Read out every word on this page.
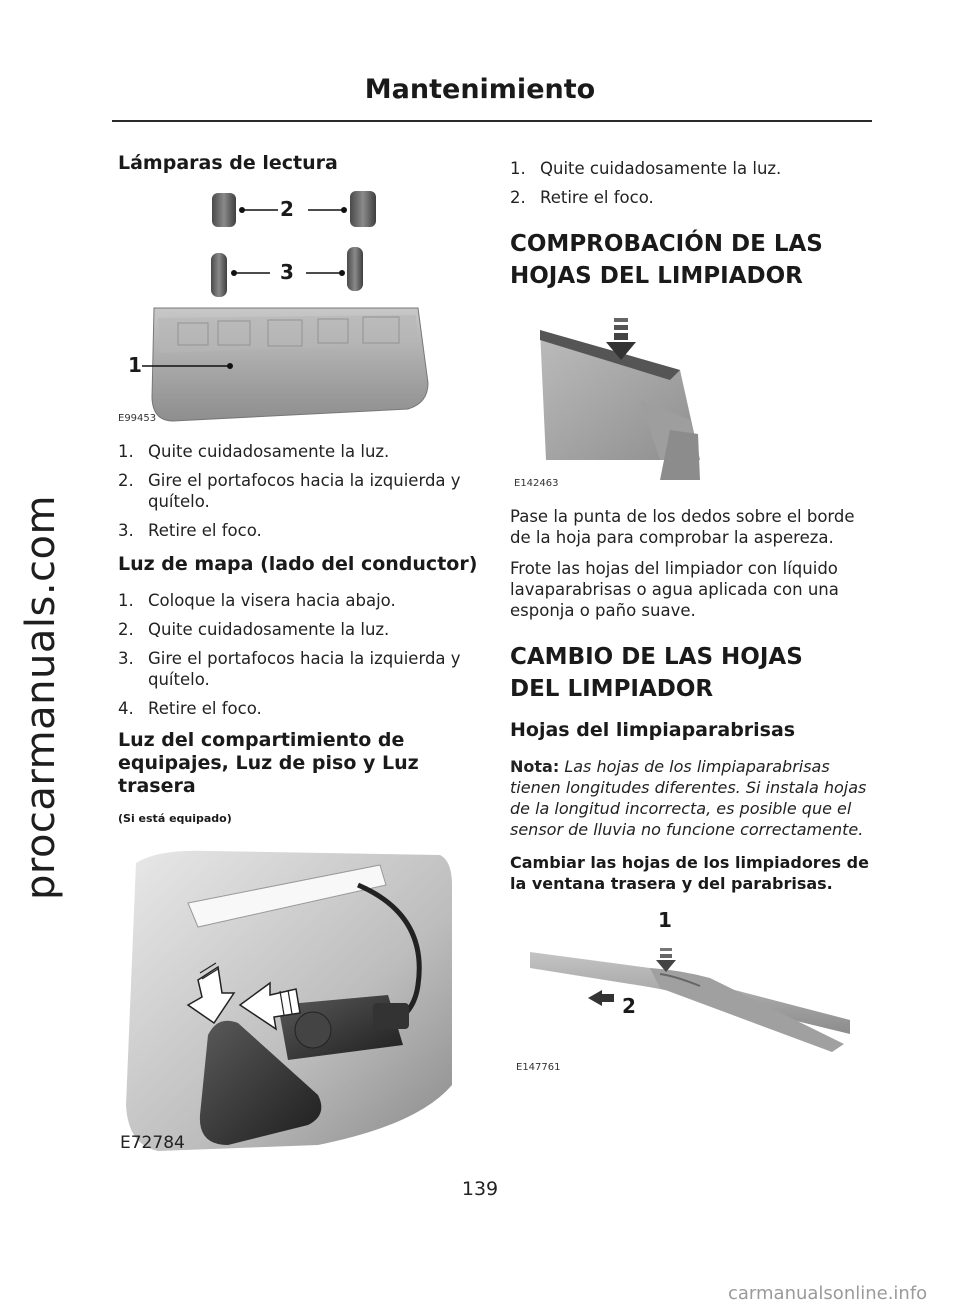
procarmanuals.com
Mantenimiento
Lámparas de lectura
2
3
1
E99453
1. Quite cuidadosamente la luz.
2. Gire el portafocos hacia la izquierda y quítelo.
3. Retire el foco.
Luz de mapa (lado del conductor)
1. Coloque la visera hacia abajo.
2. Quite cuidadosamente la luz.
3. Gire el portafocos hacia la izquierda y quítelo.
4. Retire el foco.
Luz del compartimiento de equipajes, Luz de piso y Luz trasera
(Si está equipado)
E72784
1. Quite cuidadosamente la luz.
2. Retire el foco.
COMPROBACIÓN DE LAS HOJAS DEL LIMPIADOR
E142463

Pase la punta de los dedos sobre el borde de la hoja para comprobar la aspereza.

Frote las hojas del limpiador con líquido lavaparabrisas o agua aplicada con una esponja o paño suave.

CAMBIO DE LAS HOJAS DEL LIMPIADOR
Hojas del limpiaparabrisas

Nota: Las hojas de los limpiaparabrisas tienen longitudes diferentes. Si instala hojas de la longitud incorrecta, es posible que el sensor de lluvia no funcione correctamente.

Cambiar las hojas de los limpiadores de la ventana trasera y del parabrisas.
1
2
E147761
139
carmanualsonline.info
